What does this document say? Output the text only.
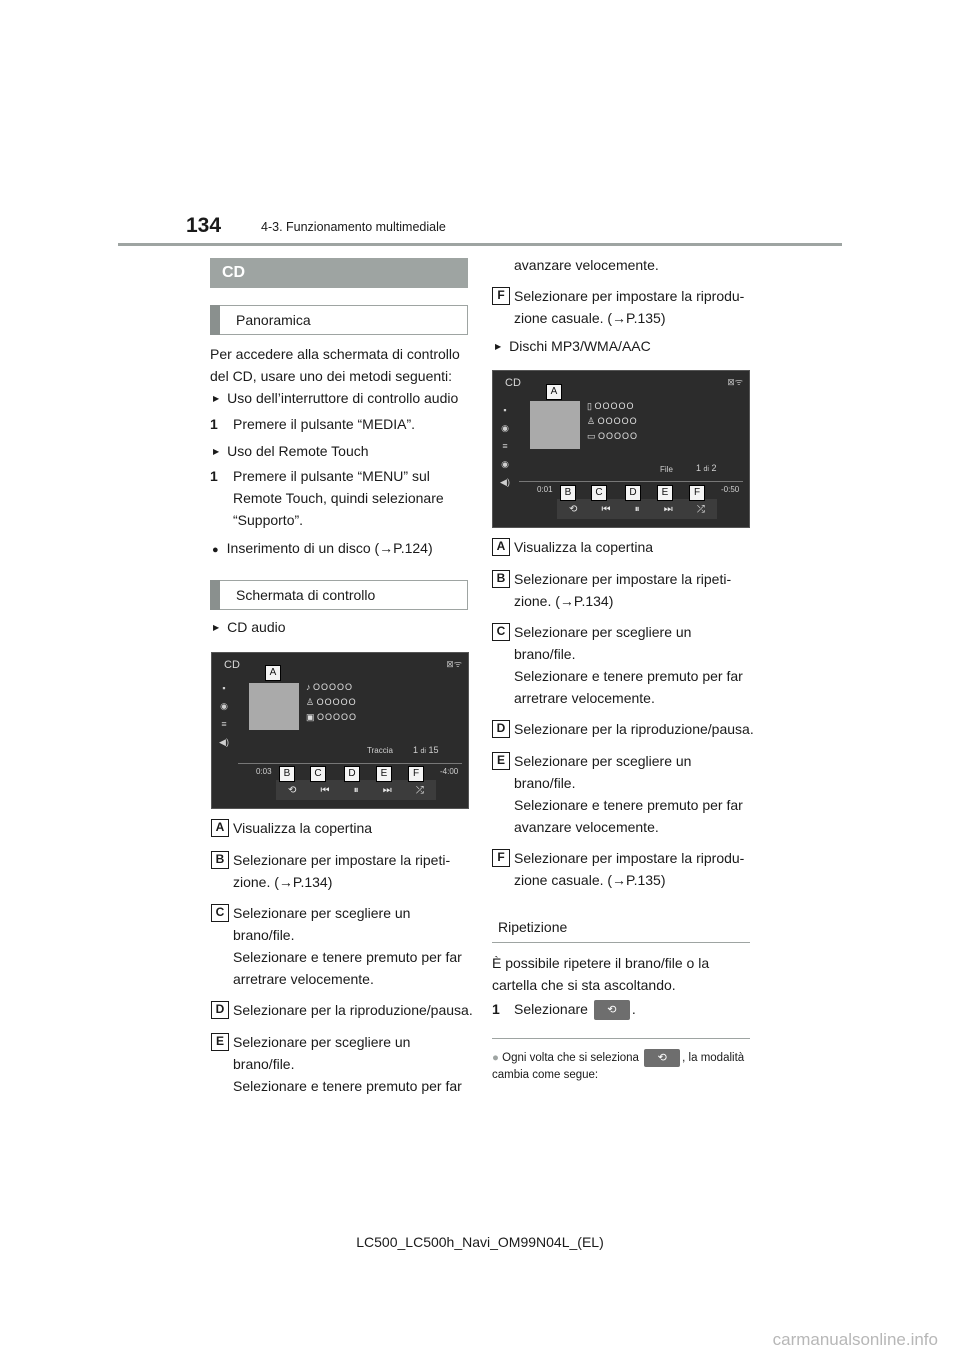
134	4-3. Funzionamento multimediale
CD
Panoramica
Per accedere alla schermata di controllo del CD, usare uno dei metodi seguenti:
▶ Uso dell’interruttore di controllo audio
1 Premere il pulsante “MEDIA”.
▶ Uso del Remote Touch
1 Premere il pulsante “MENU” sul Remote Touch, quindi selezionare “Supporto”.
● Inserimento di un disco (→P.124)
Schermata di controllo
▶ CD audio
CD	⊠ᯤ
▪︎
◉
≡
◀)
♪ OOOOO
♙ OOOOO
▣ OOOOO
Traccia 1 di 15
0:03	-4:00
⟲ ⏮ ⏸ ⏭ ⤮
A
B	C	D	E	F
A Visualizza la copertina
B Selezionare per impostare la ripeti-zione. (→P.134)
C Selezionare per scegliere un brano/file.
Selezionare e tenere premuto per far arretrare velocemente.
D Selezionare per la riproduzione/pausa.
E Selezionare per scegliere un brano/file.
Selezionare e tenere premuto per far
avanzare velocemente.
F Selezionare per impostare la riprodu-zione casuale. (→P.135)
▶ Dischi MP3/WMA/AAC
CD	⊠ᯤ
▪︎
◉
≡
◉
◀)
▯ OOOOO
♙ OOOOO
▭ OOOOO
File	1 di 2
0:01	-0:50
⟲ ⏮ ⏸ ⏭ ⤮
A
B	C	D	E	F
A Visualizza la copertina
B Selezionare per impostare la ripeti-zione. (→P.134)
C Selezionare per scegliere un brano/file.
Selezionare e tenere premuto per far arretrare velocemente.
D Selezionare per la riproduzione/pausa.
E Selezionare per scegliere un brano/file.
Selezionare e tenere premuto per far avanzare velocemente.
F Selezionare per impostare la riprodu-zione casuale. (→P.135)
Ripetizione
È possibile ripetere il brano/file o la cartella che si sta ascoltando.
1 Selezionare ⟲ .
● Ogni volta che si seleziona ⟲ , la modalità cambia come segue:
LC500_LC500h_Navi_OM99N04L_(EL)
carmanualsonline.info
